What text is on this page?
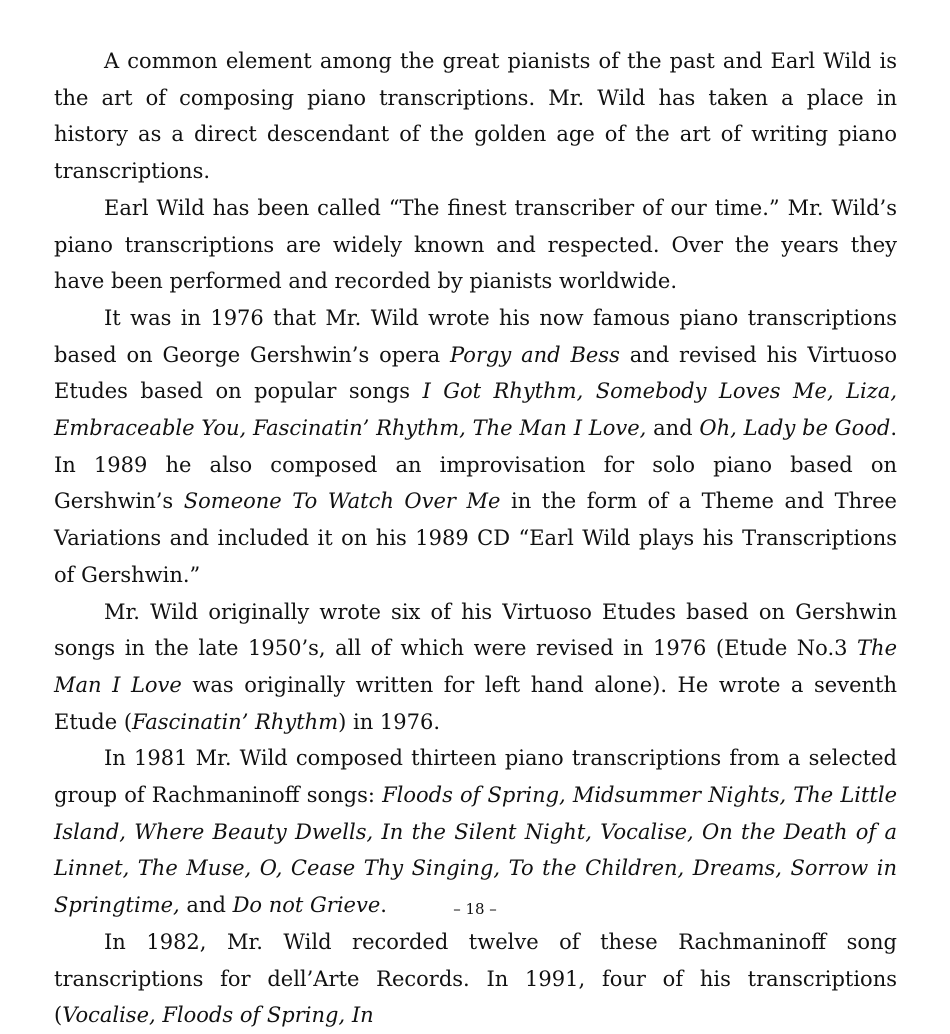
A common element among the great pianists of the past and Earl Wild is the art of composing piano transcriptions. Mr. Wild has taken a place in history as a direct descendant of the golden age of the art of writing piano transcriptions.

Earl Wild has been called “The finest transcriber of our time.” Mr. Wild’s piano transcriptions are widely known and respected. Over the years they have been performed and recorded by pianists worldwide.

It was in 1976 that Mr. Wild wrote his now famous piano transcriptions based on George Gershwin’s opera Porgy and Bess and revised his Virtuoso Etudes based on popular songs I Got Rhythm, Somebody Loves Me, Liza, Embraceable You, Fascinatin’ Rhythm, The Man I Love, and Oh, Lady be Good. In 1989 he also composed an improvisation for solo piano based on Gershwin’s Someone To Watch Over Me in the form of a Theme and Three Variations and included it on his 1989 CD “Earl Wild plays his Transcriptions of Gershwin.”

Mr. Wild originally wrote six of his Virtuoso Etudes based on Gershwin songs in the late 1950’s, all of which were revised in 1976 (Etude No.3 The Man I Love was originally written for left hand alone). He wrote a seventh Etude (Fascinatin’ Rhythm) in 1976.

In 1981 Mr. Wild composed thirteen piano transcriptions from a selected group of Rachmaninoff songs: Floods of Spring, Midsummer Nights, The Little Island, Where Beauty Dwells, In the Silent Night, Vocalise, On the Death of a Linnet, The Muse, O, Cease Thy Singing, To the Children, Dreams, Sorrow in Springtime, and Do not Grieve.

In 1982, Mr. Wild recorded twelve of these Rachmaninoff song transcriptions for dell’Arte Records. In 1991, four of his transcriptions (Vocalise, Floods of Spring, In

– 18 –
